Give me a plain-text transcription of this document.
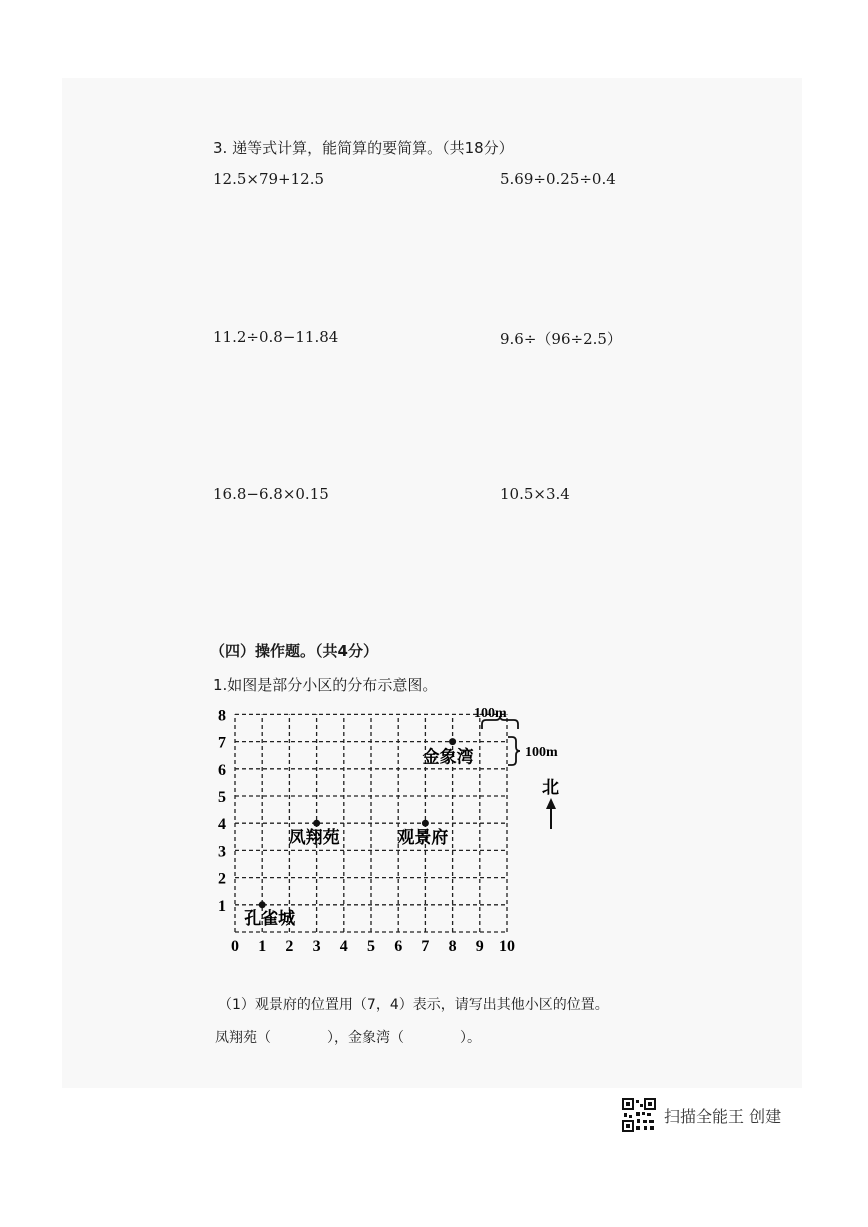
3. 递等式计算，能简算的要简算。（共18分）
12.5×79+12.5	5.69÷0.25÷0.4
11.2÷0.8−11.84	9.6÷（96÷2.5）
16.8−6.8×0.15	10.5×3.4
（四）操作题。（共4分）
1.如图是部分小区的分布示意图。
0 1 2 3 4 5 6 7 8 9 10
1
2
3
4
5
6
7
8
孔雀城
凤翔苑	观景府
金象湾
100m
100m
北
（1）观景府的位置用（7，4）表示，请写出其他小区的位置。
凤翔苑（　　　　），金象湾（　　　　）。
扫描全能王 创建
